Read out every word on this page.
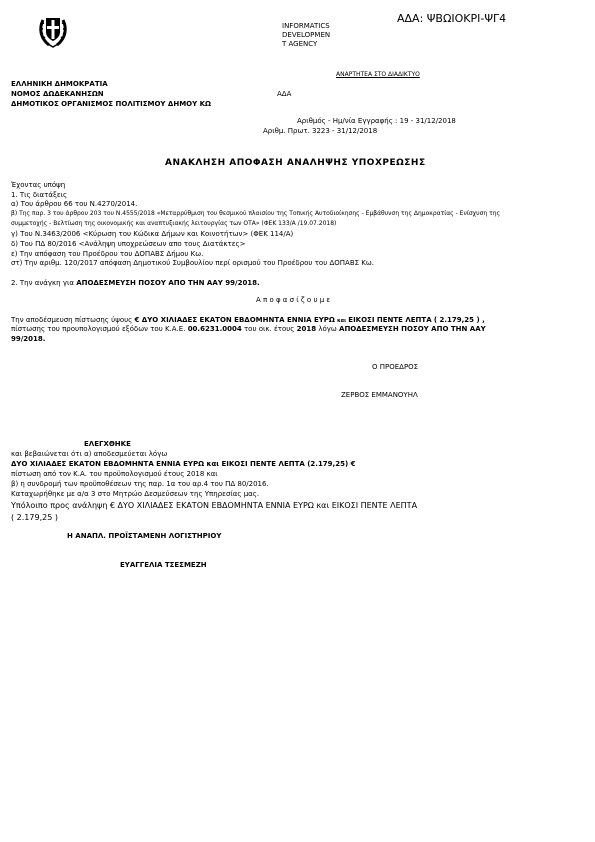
INFORMATICS
DEVELOPMEN
T AGENCY
ΑΔΑ: ΨΒΩΙΟΚΡΙ-ΨΓ4
ΑΝΑΡΤΗΤΕΑ ΣΤΟ ΔΙΑΔΙΚΤΥΟ
ΕΛΛΗΝΙΚΗ ΔΗΜΟΚΡΑΤΙΑ
ΝΟΜΟΣ ΔΩΔΕΚΑΝΗΣΩΝ
ΔΗΜΟΤΙΚΟΣ ΟΡΓΑΝΙΣΜΟΣ ΠΟΛΙΤΙΣΜΟΥ ΔΗΜΟΥ ΚΩ
ΑΔΑ
Αριθμός - Ημ/νία Εγγραφής : 19 - 31/12/2018
Αριθμ. Πρωτ. 3223 - 31/12/2018
ΑΝΑΚΛΗΣΗ ΑΠΟΦΑΣΗ ΑΝΑΛΗΨΗΣ ΥΠΟΧΡΕΩΣΗΣ
Έχοντας υπόψη
1. Τις διατάξεις
α) Του άρθρου 66 του Ν.4270/2014.
β) Της παρ. 3 του άρθρου 203 του Ν.4555/2018 «Μεταρρύθμιση του θεσμικού πλαισίου της Τοπικής Αυτοδιοίκησης - Εμβάθυνση της Δημοκρατίας - Ενίσχυση της
συμμετοχής - Βελτίωση της οικονομικής και αναπτυξιακής λειτουργίας των ΟΤΑ» (ΦΕΚ 133/Α /19.07.2018)
γ) Του Ν.3463/2006 <Κύρωση του Κώδικα Δήμων και Κοινοτήτων> (ΦΕΚ 114/Α)
δ) Του ΠΔ 80/2016 <Ανάληψη υποχρεώσεων απο τους Διατάκτες>
ε) Την απόφαση του Προέδρου του ΔΟΠΑΒΣ Δήμου Κω.
στ) Την αριθμ. 120/2017 απόφαση Δημοτικού Συμβουλίου περί ορισμού του Προέδρου του ΔΟΠΑΒΣ Κω.
2. Την ανάγκη για ΑΠΟΔΕΣΜΕΥΣΗ ΠΟΣΟΥ ΑΠΟ ΤΗΝ ΑΑΥ 99/2018.
Α π ο φ α σ ί ζ ο υ μ ε
Την αποδέσμευση πίστωσης ύψους € ΔΥΟ ΧΙΛΙΑΔΕΣ ΕΚΑΤΟΝ ΕΒΔΟΜΗΝΤΑ ΕΝΝΙΑ ΕΥΡΩ και ΕΙΚΟΣΙ ΠΕΝΤΕ ΛΕΠΤΑ ( 2.179,25 ) ,
πίστωσης του προυπολογισμού εξόδων του Κ.Α.Ε. 00.6231.0004 του οικ. έτους 2018 λόγω ΑΠΟΔΕΣΜΕΥΣΗ ΠΟΣΟΥ ΑΠΟ ΤΗΝ ΑΑΥ
99/2018.
Ο ΠΡΟΕΔΡΟΣ
ΖΕΡΒΟΣ ΕΜΜΑΝΟΥΗΛ
ΕΛΕΓΧΘΗΚΕ
και βεβαιώνεται ότι α) αποδεσμεύεται λόγω
ΔΥΟ ΧΙΛΙΑΔΕΣ ΕΚΑΤΟΝ ΕΒΔΟΜΗΝΤΑ ΕΝΝΙΑ ΕΥΡΩ και ΕΙΚΟΣΙ ΠΕΝΤΕ ΛΕΠΤΑ (2.179,25) €
πίστωση από τον Κ.Α. του προϋπολογισμού έτους 2018 και
β) η συνδρομή των προϋποθέσεων της παρ. 1α του αρ.4 του ΠΔ 80/2016.
Καταχωρήθηκε με α/α 3 στο Μητρώο Δεσμεύσεων της Υπηρεσίας μας.
Υπόλοιπο προς ανάληψη € ΔΥΟ ΧΙΛΙΑΔΕΣ ΕΚΑΤΟΝ ΕΒΔΟΜΗΝΤΑ ΕΝΝΙΑ ΕΥΡΩ και ΕΙΚΟΣΙ ΠΕΝΤΕ ΛΕΠΤΑ
( 2.179,25 )
Η ΑΝΑΠΛ. ΠΡΟΪΣΤΑΜΕΝΗ ΛΟΓΙΣΤΗΡΙΟΥ
ΕΥΑΓΓΕΛΙΑ ΤΣΕΣΜΕΖΗ
